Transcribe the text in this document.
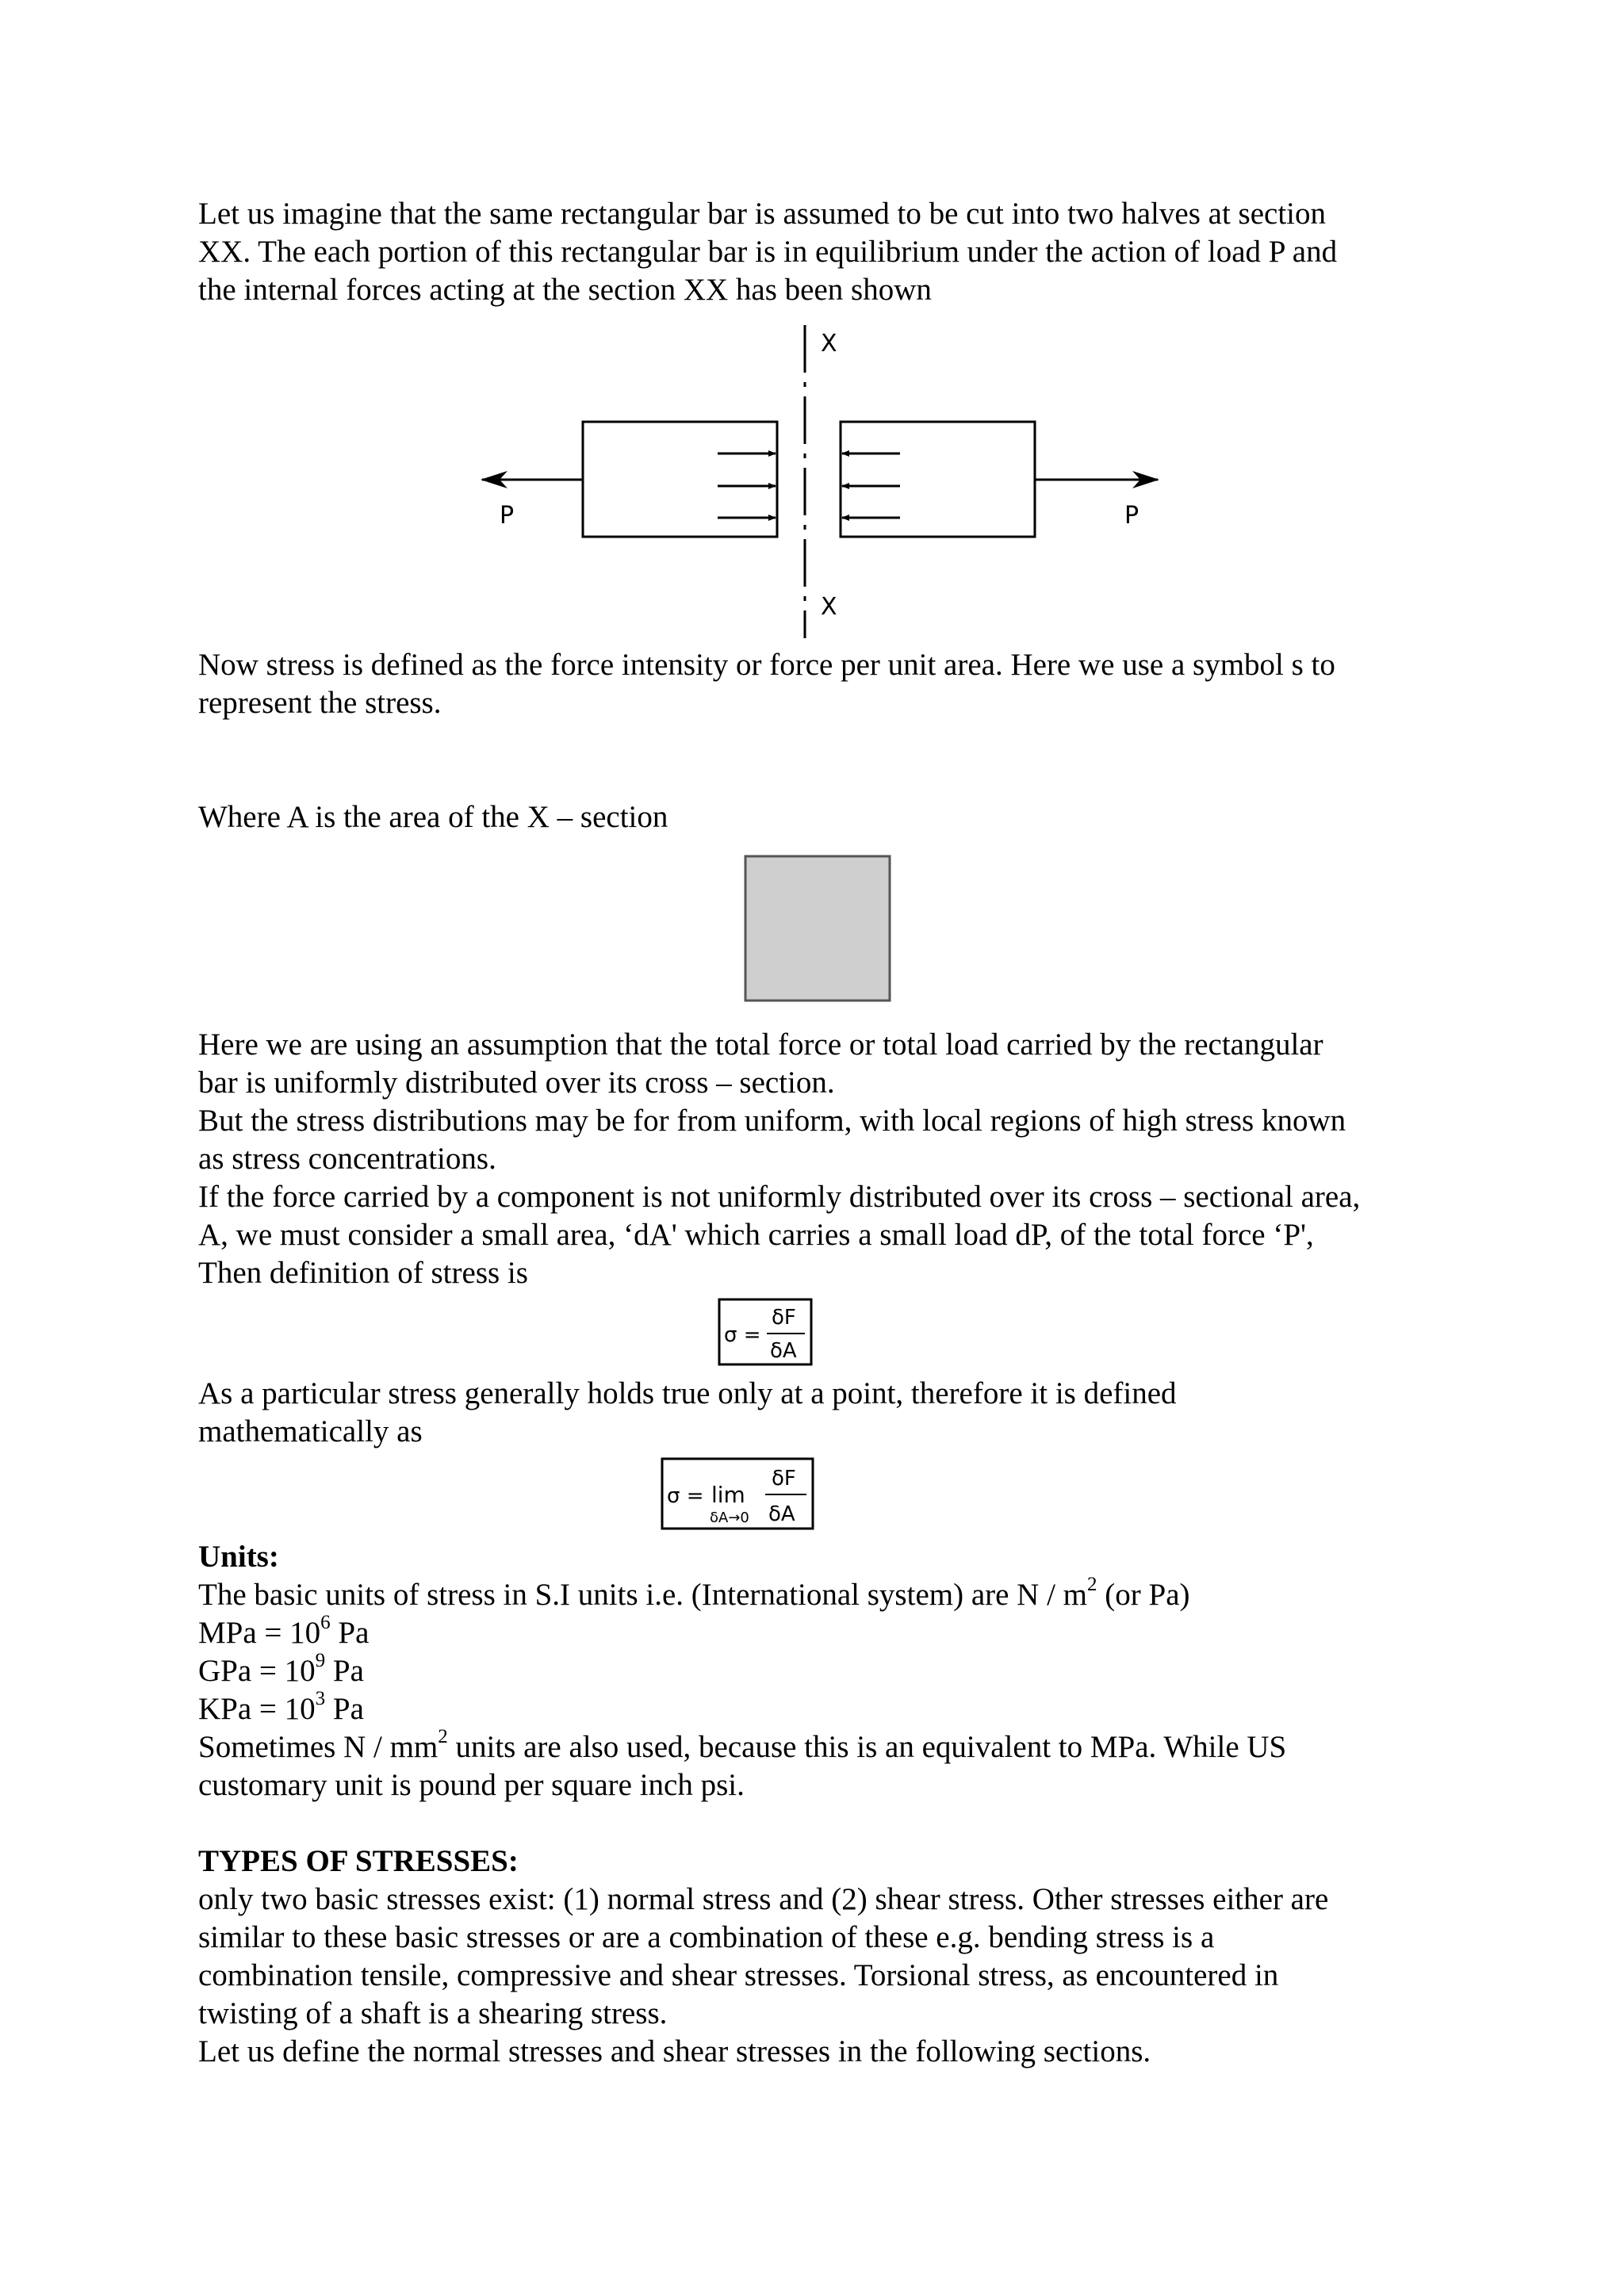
Let us imagine that the same rectangular bar is assumed to be cut into two halves at section
XX. The each portion of this rectangular bar is in equilibrium under the action of load P and
the internal forces acting at the section XX has been shown

X
X
P	P

Now stress is defined as the force intensity or force per unit area. Here we use a symbol s to
represent the stress.

Where A is the area of the X – section

Here we are using an assumption that the total force or total load carried by the rectangular
bar is uniformly distributed over its cross – section.
But the stress distributions may be for from uniform, with local regions of high stress known
as stress concentrations.
If the force carried by a component is not uniformly distributed over its cross – sectional area,
A, we must consider a small area, ‘dA' which carries a small load dP, of the total force ‘P',
Then definition of stress is

σ =
δF
δA

As a particular stress generally holds true only at a point, therefore it is defined
mathematically as

σ = lim
δA→0
δF
δA

Units:

The basic units of stress in S.I units i.e. (International system) are N / $m^2$ (or Pa)
MPa = $10^6$ Pa
GPa = $10^9$ Pa
KPa = $10^3$ Pa
Sometimes N / $mm^2$ units are also used, because this is an equivalent to MPa. While US
customary unit is pound per square inch psi.

TYPES OF STRESSES:

only two basic stresses exist: (1) normal stress and (2) shear stress. Other stresses either are
similar to these basic stresses or are a combination of these e.g. bending stress is a
combination tensile, compressive and shear stresses. Torsional stress, as encountered in
twisting of a shaft is a shearing stress.
Let us define the normal stresses and shear stresses in the following sections.
